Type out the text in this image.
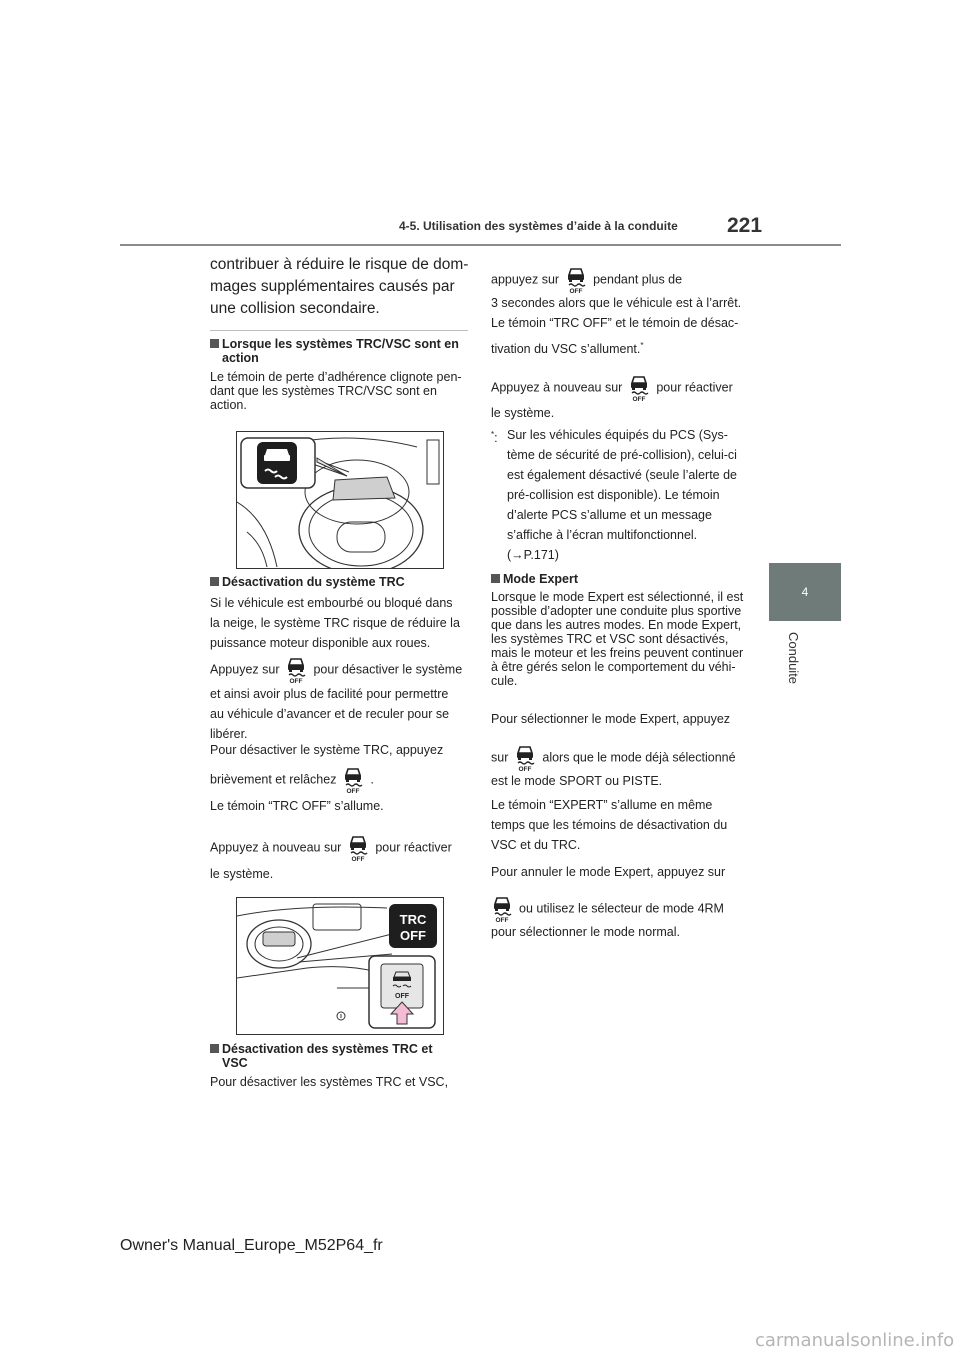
4-5. Utilisation des systèmes d’aide à la conduite 221
4
Conduite
contribuer à réduire le risque de dom-
mages supplémentaires causés par
une collision secondaire.
Lorsque les systèmes TRC/VSC sont en
action
Le témoin de perte d’adhérence clignote pen-
dant que les systèmes TRC/VSC sont en
action.
Désactivation du système TRC
Si le véhicule est embourbé ou bloqué dans
la neige, le système TRC risque de réduire la
puissance moteur disponible aux roues.
Appuyez sur	pour désactiver le système
et ainsi avoir plus de facilité pour permettre
au véhicule d’avancer et de reculer pour se
libérer.
Pour désactiver le système TRC, appuyez
brièvement et relâchez	.
Le témoin “TRC OFF” s’allume.
Appuyez à nouveau sur	pour réactiver
le système.
TRC
OFF
OFF
Désactivation des systèmes TRC et
VSC
Pour désactiver les systèmes TRC et VSC,
appuyez sur	pendant plus de
3 secondes alors que le véhicule est à l’arrêt.
Le témoin “TRC OFF” et le témoin de désac-
tivation du VSC s’allument.*
Appuyez à nouveau sur	pour réactiver
le système.
*: Sur les véhicules équipés du PCS (Sys-
tème de sécurité de pré-collision), celui-ci
est également désactivé (seule l’alerte de
pré-collision est disponible). Le témoin
d’alerte PCS s’allume et un message
s’affiche à l’écran multifonctionnel.
(→P.171)
Mode Expert
Lorsque le mode Expert est sélectionné, il est
possible d’adopter une conduite plus sportive
que dans les autres modes. En mode Expert,
les systèmes TRC et VSC sont désactivés,
mais le moteur et les freins peuvent continuer
à être gérés selon le comportement du véhi-
cule.
Pour sélectionner le mode Expert, appuyez
sur	alors que le mode déjà sélectionné
est le mode SPORT ou PISTE.
Le témoin “EXPERT” s’allume en même
temps que les témoins de désactivation du
VSC et du TRC.
Pour annuler le mode Expert, appuyez sur
ou utilisez le sélecteur de mode 4RM
pour sélectionner le mode normal.
Owner's Manual_Europe_M52P64_fr
carmanualsonline.info
